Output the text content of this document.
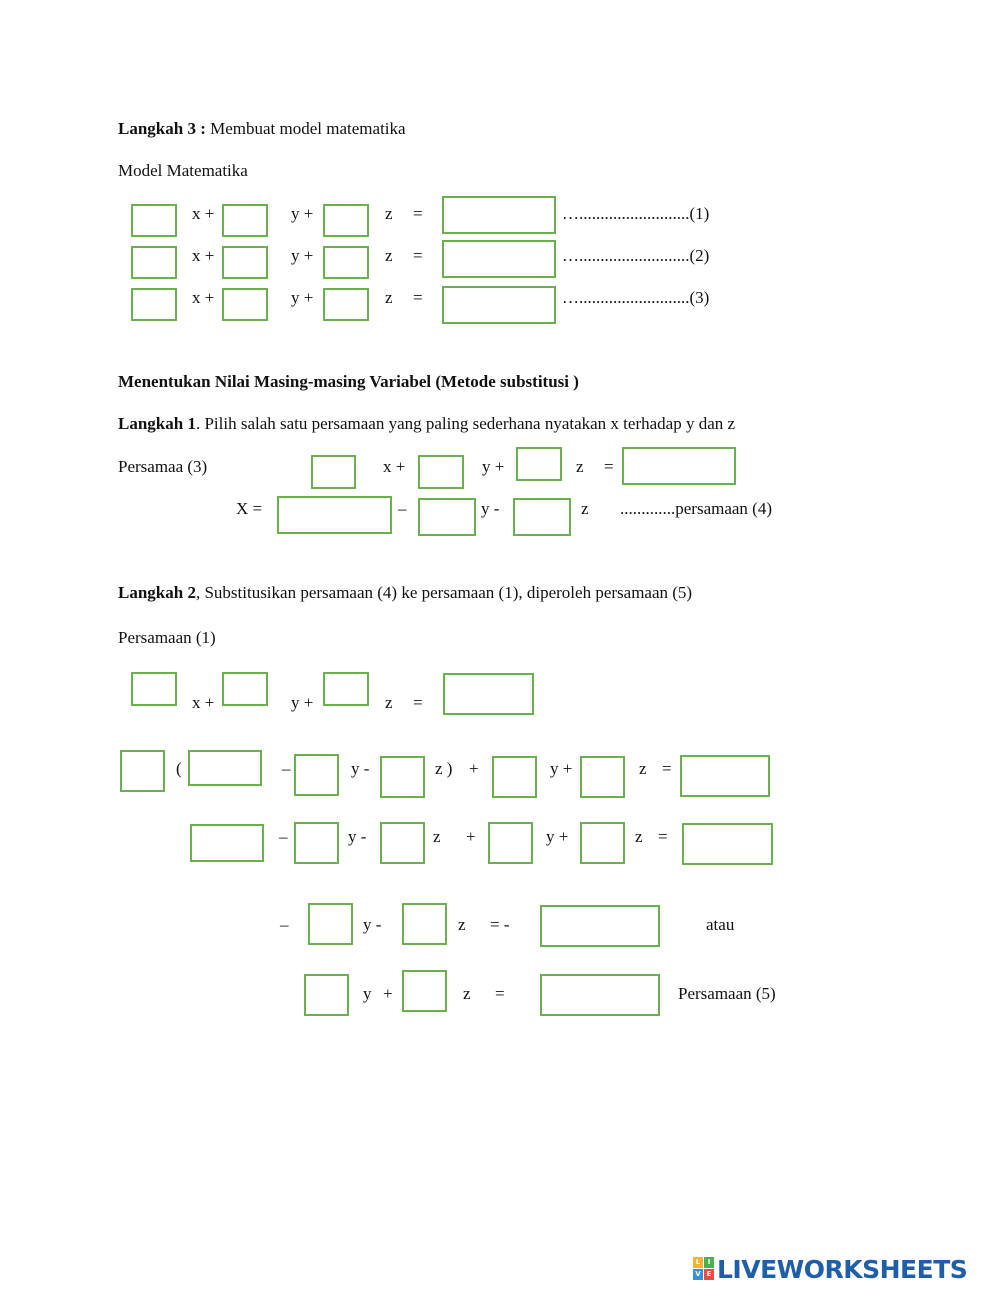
Langkah 3 : Membuat model matematika
Model Matematika
x +	y +	z =	…..........................(1)
x +	y +	z =	…..........................(2)
x +	y +	z =	…..........................(3)
Menentukan Nilai Masing-masing Variabel (Metode substitusi )
Langkah 1. Pilih salah satu persamaan yang paling sederhana nyatakan x terhadap y dan z
Persamaa (3)	x +	y +	z =
X =	–	y -	z .............persamaan (4)
Langkah 2, Substitusikan persamaan (4) ke persamaan (1), diperoleh persamaan (5)
Persamaan (1)
x +	y +	z =
(	–	y -	z ) +	y +	z =
–	y -	z +	y +	z =
–	y -	z = -	atau
y +	z =	Persamaan (5)
L	I
V E LIVEWORKSHEETS
